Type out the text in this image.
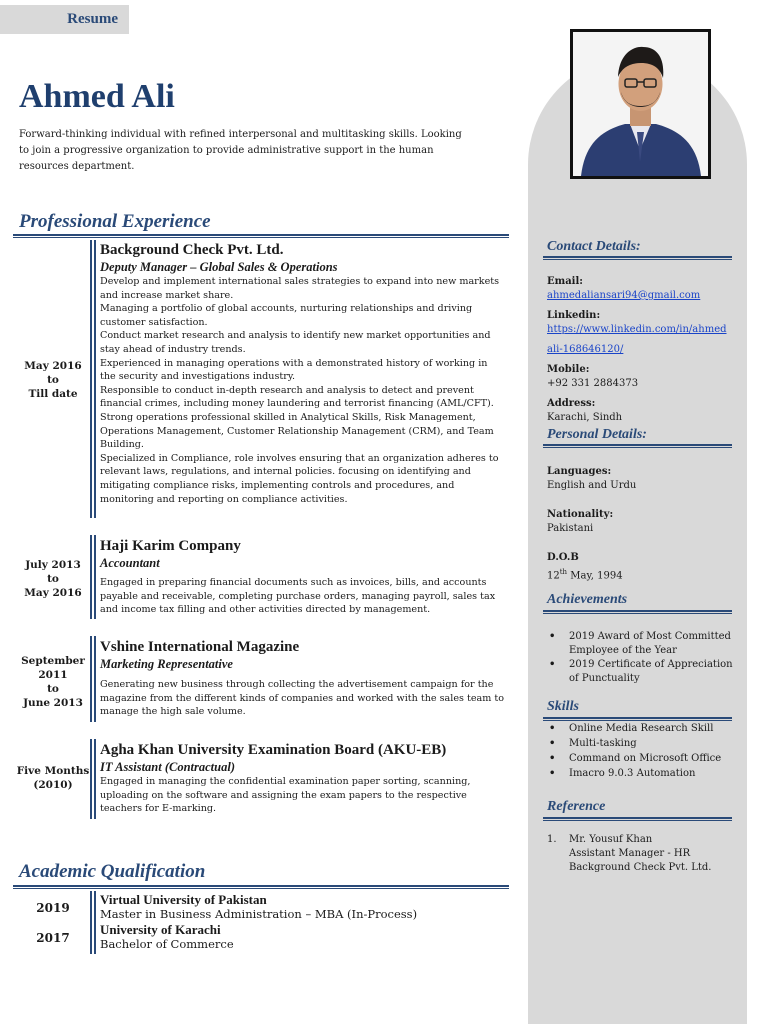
Resume
Ahmed Ali
Forward-thinking individual with refined interpersonal and multitasking skills. Looking to join a progressive organization to provide administrative support in the human resources department.
Professional Experience
May 2016
to
Till date
Background Check Pvt. Ltd.
Deputy Manager – Global Sales & Operations
Develop and implement international sales strategies to expand into new markets and increase market share.
Managing a portfolio of global accounts, nurturing relationships and driving customer satisfaction.
Conduct market research and analysis to identify new market opportunities and stay ahead of industry trends.
Experienced in managing operations with a demonstrated history of working in the security and investigations industry.
Responsible to conduct in-depth research and analysis to detect and prevent financial crimes, including money laundering and terrorist financing (AML/CFT).
Strong operations professional skilled in Analytical Skills, Risk Management, Operations Management, Customer Relationship Management (CRM), and Team Building.
Specialized in Compliance, role involves ensuring that an organization adheres to relevant laws, regulations, and internal policies. focusing on identifying and mitigating compliance risks, implementing controls and procedures, and monitoring and reporting on compliance activities.
July 2013
to
May 2016
Haji Karim Company
Accountant
Engaged in preparing financial documents such as invoices, bills, and accounts payable and receivable, completing purchase orders, managing payroll, sales tax and income tax filling and other activities directed by management.
September 2011
to
June 2013
Vshine International Magazine
Marketing Representative
Generating new business through collecting the advertisement campaign for the magazine from the different kinds of companies and worked with the sales team to manage the high sale volume.
Five Months
(2010)
Agha Khan University Examination Board (AKU-EB)
IT Assistant (Contractual)
Engaged in managing the confidential examination paper sorting, scanning, uploading on the software and assigning the exam papers to the respective teachers for E-marking.
Academic Qualification
2019
Virtual University of Pakistan
Master in Business Administration – MBA (In-Process)
2017
University of Karachi
Bachelor of Commerce
Contact Details:
Email:
ahmedaliansari94@gmail.com
Linkedin:
https://www.linkedin.com/in/ahmed
ali-168646120/
Mobile:
+92 331 2884373
Address:
Karachi, Sindh
Personal Details:
Languages:
English and Urdu
Nationality:
Pakistani
D.O.B
12th May, 1994
Achievements
• 2019 Award of Most Committed Employee of the Year
• 2019 Certificate of Appreciation of Punctuality
Skills
• Online Media Research Skill
• Multi-tasking
• Command on Microsoft Office
• Imacro 9.0.3 Automation
Reference
1. Mr. Yousuf Khan
Assistant Manager - HR
Background Check Pvt. Ltd.
